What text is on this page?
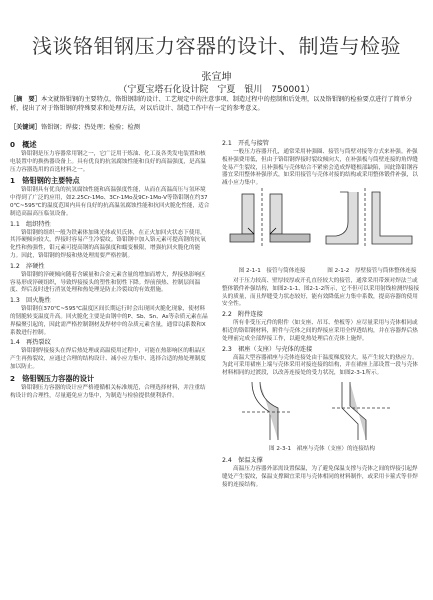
浅谈铬钼钢压力容器的设计、制造与检验
张宣坤
（宁夏宝塔石化设计院　宁夏　银川　750001）
［摘　要］本文就铬钼钢的主要特点，铬钼钢制的设计、工艺规定中的注意事项、制造过程中的控制和后处理，以及铬钼钢的检验要点进行了简单分析，提出了对于铬钼钢的特殊要求和处理方法，对以后设计、制造工作中有一定的参考意义。
［关键词］铬钼钢；焊接；热处理；检验；检测
0　概述
铬钼钢是压力容器常用钢之一，它广泛用于炼油、化工及各类发电装置和核电装置中的换热器设备上。具有优良的抗氢腐蚀性能和良好的高温强度，是高温压力容器选用的首选材料之一。
1　铬钼钢的主要特点
铬钼钢具有优良的抗氢腐蚀性能和高温强度性能，从而在高温高压与氢环境中得到了广泛的应用，如2.25Cr-1Mo、3Cr-1Mo及9Cr-1Mo-V等铬钼钢在约370℃~595℃的温度范围内具有良好的抗高温氢腐蚀性能和抗回火脆化性能，适合制造高温高压临氢设备。
1.1　组织特性
铬钼钢的组织一般为铁素体加珠光体或贝氏体，在正火加回火状态下使用，其淬硬倾向较大，焊接时容易产生冷裂纹。铬钼钢中加入铬元素可提高钢的抗氧化性和热强性，钼元素可提高钢的高温强度和蠕变极限，增强抗回火脆化的能力。因此，铬钼钢的焊接和热处理需要严格控制。
1.2　淬硬性
铬钼钢的淬硬倾向随着含碳量和合金元素含量的增加而增大，焊接热影响区容易形成淬硬组织，导致焊接接头的塑性和韧性下降。焊前预热、控制层间温度、焊后及时进行消氢处理和热处理是防止冷裂纹的有效措施。
1.3　回火脆性
铬钼钢在370℃~595℃温度区间长期运行时会出现回火脆化现象，使材料的韧脆转变温度升高。回火脆化主要是由钢中的P、Sb、Sn、As等杂质元素在晶界偏聚引起的，因此需严格控制钢材及焊材中的杂质元素含量，通常以J系数和X系数进行控制。
1.4　再热裂纹
铬钼钢焊接接头在焊后热处理或高温使用过程中，可能在热影响区的粗晶区产生再热裂纹，应通过合理的结构设计、减小应力集中、选择合适的热处理制度加以防止。
2　铬钼钢压力容器的设计
铬钼钢压力容器的设计应严格遵循相关标准规范，合理选择材料，并注重结构设计的合理性，尽量避免应力集中，为制造与检验提供便利条件。
2.1　开孔与接管
一般压力容器开孔，通常采用补强圈、接管与筒壁对接等方式来补强。补强板补强费用低，但由于铬钼钢焊接时裂纹倾向大，在补强板与筒壁连接的角焊缝处易产生裂纹，且补强板与壳体贴合不紧密会造成焊缝根部缺陷，因此铬钼钢容器宜采用整体补强形式，如采用接管与壳体对接的结构或采用整体锻件补强，以减小应力集中。
图 2-1-1　接管与筒体连接	图 2-1-2　厚壁接管与筒体整体连接
对于压力较高、壁厚较厚或开孔直径较大的接管，通常采用带颈对焊法兰或整体锻件补强结构，如图2-1-1、图2-1-2所示，它不但可以采用射线检测焊接接头的质量，而且焊缝受力状态较好，能有效降低应力集中系数，提高容器的使用安全性。
2.2　附件连接
所有非受压元件的附件（如支座、吊耳、垫板等）应尽量采用与壳体相同或相近的铬钼钢材料，附件与壳体之间的焊接应采用全焊透结构，并在容器焊后热处理前完成全部焊接工作，以避免热处理后在壳体上施焊。
2.3　裙座（支座）与壳体的连接
高温大型容器裙座与壳体连接处由于温度梯度较大，易产生较大的热应力。为此可采用裙座上端与壳体采用对接连接的结构，并在裙座上部设置一段与壳体材料相同的过渡段，以改善连接处的受力状况，如图2-3-1所示。
图 2-3-1　裙座与壳体（支座）的连接结构
2.4　保温支撑
高温压力容器外部需设置保温，为了避免保温支撑与壳体之间的焊接引起焊缝处产生裂纹，保温支撑圈宜采用与壳体相同的材料制作，或采用卡箍式等非焊接的连接结构。
